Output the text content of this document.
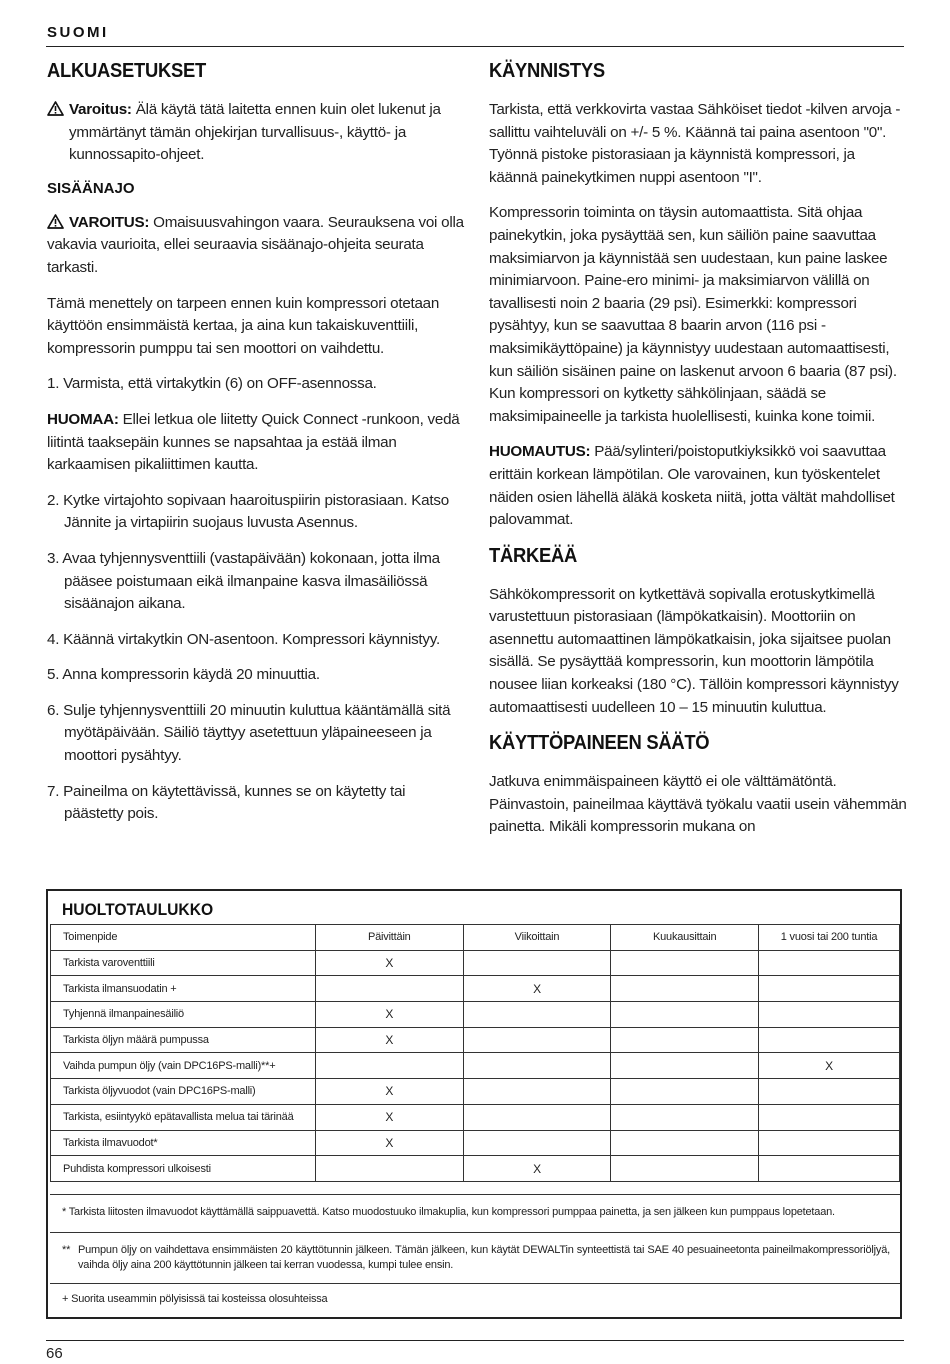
SUOMI
ALKUASETUKSET

Varoitus: Älä käytä tätä laitetta ennen kuin olet lukenut ja ymmärtänyt tämän ohjekirjan turvallisuus-, käyttö- ja kunnossapito-ohjeet.

SISÄÄNAJO

VAROITUS: Omaisuusvahingon vaara. Seurauksena voi olla vakavia vaurioita, ellei seuraavia sisäänajo-ohjeita seurata tarkasti.

Tämä menettely on tarpeen ennen kuin kompressori otetaan käyttöön ensimmäistä kertaa, ja aina kun takaiskuventtiili, kompressorin pumppu tai sen moottori on vaihdettu.

1. Varmista, että virtakytkin (6) on OFF-asennossa.

HUOMAA: Ellei letkua ole liitetty Quick Connect -runkoon, vedä liitintä taaksepäin kunnes se napsahtaa ja estää ilman karkaamisen pikaliittimen kautta.

2. Kytke virtajohto sopivaan haaroituspiirin pistorasiaan. Katso Jännite ja virtapiirin suojaus luvusta Asennus.

3. Avaa tyhjennysventtiili (vastapäivään) kokonaan, jotta ilma pääsee poistumaan eikä ilmanpaine kasva ilmasäiliössä sisäänajon aikana.

4. Käännä virtakytkin ON-asentoon. Kompressori käynnistyy.

5. Anna kompressorin käydä 20 minuuttia.

6. Sulje tyhjennysventtiili 20 minuutin kuluttua kääntämällä sitä myötäpäivään. Säiliö täyttyy asetettuun yläpaineeseen ja moottori pysähtyy.

7. Paineilma on käytettävissä, kunnes se on käytetty tai päästetty pois.

KÄYNNISTYS

Tarkista, että verkkovirta vastaa Sähköiset tiedot -kilven arvoja - sallittu vaihteluväli on +/- 5 %. Käännä tai paina asentoon "0". Työnnä pistoke pistorasiaan ja käynnistä kompressori, ja käännä painekytkimen nuppi asentoon "I".

Kompressorin toiminta on täysin automaattista. Sitä ohjaa painekytkin, joka pysäyttää sen, kun säiliön paine saavuttaa maksimiarvon ja käynnistää sen uudestaan, kun paine laskee minimiarvoon. Paine-ero minimi- ja maksimiarvon välillä on tavallisesti noin 2 baaria (29 psi). Esimerkki: kompressori pysähtyy, kun se saavuttaa 8 baarin arvon (116 psi - maksimikäyttöpaine) ja käynnistyy uudestaan automaattisesti, kun säiliön sisäinen paine on laskenut arvoon 6 baaria (87 psi). Kun kompressori on kytketty sähkölinjaan, säädä se maksimipaineelle ja tarkista huolellisesti, kuinka kone toimii.

HUOMAUTUS: Pää/sylinteri/poistoputkiyksikkö voi saavuttaa erittäin korkean lämpötilan. Ole varovainen, kun työskentelet näiden osien lähellä äläkä kosketa niitä, jotta vältät mahdolliset palovammat.

TÄRKEÄÄ

Sähkökompressorit on kytkettävä sopivalla erotuskytkimellä varustettuun pistorasiaan (lämpökatkaisin). Moottoriin on asennettu automaattinen lämpökatkaisin, joka sijaitsee puolan sisällä. Se pysäyttää kompressorin, kun moottorin lämpötila nousee liian korkeaksi (180 °C). Tällöin kompressori käynnistyy automaattisesti uudelleen 10 – 15 minuutin kuluttua.

KÄYTTÖPAINEEN SÄÄTÖ

Jatkuva enimmäispaineen käyttö ei ole välttämätöntä. Päinvastoin, paineilmaa käyttävä työkalu vaatii usein vähemmän painetta. Mikäli kompressorin mukana on

HUOLTOTAULUKKO
Toimenpide	Päivittäin	Viikoittain	Kuukausittain	1 vuosi tai 200 tuntia
Tarkista varoventtiili	X			
Tarkista ilmansuodatin +		X		
Tyhjennä ilmanpainesäiliö	X			
Tarkista öljyn määrä pumpussa	X			
Vaihda pumpun öljy (vain DPC16PS-malli)**+				X
Tarkista öljyvuodot (vain DPC16PS-malli)	X			
Tarkista, esiintyykö epätavallista melua tai tärinää	X			
Tarkista ilmavuodot*	X			
Puhdista kompressori ulkoisesti		X		
* Tarkista liitosten ilmavuodot käyttämällä saippuavettä. Katso muodostuuko ilmakuplia, kun kompressori pumppaa painetta, ja sen jälkeen kun pumppaus lopetetaan.
** Pumpun öljy on vaihdettava ensimmäisten 20 käyttötunnin jälkeen. Tämän jälkeen, kun käytät DEWALTin synteettistä tai SAE 40 pesuaineetonta paineilmakompressoriöljyä, vaihda öljy aina 200 käyttötunnin jälkeen tai kerran vuodessa, kumpi tulee ensin.
+ Suorita useammin pölyisissä tai kosteissa olosuhteissa
66
